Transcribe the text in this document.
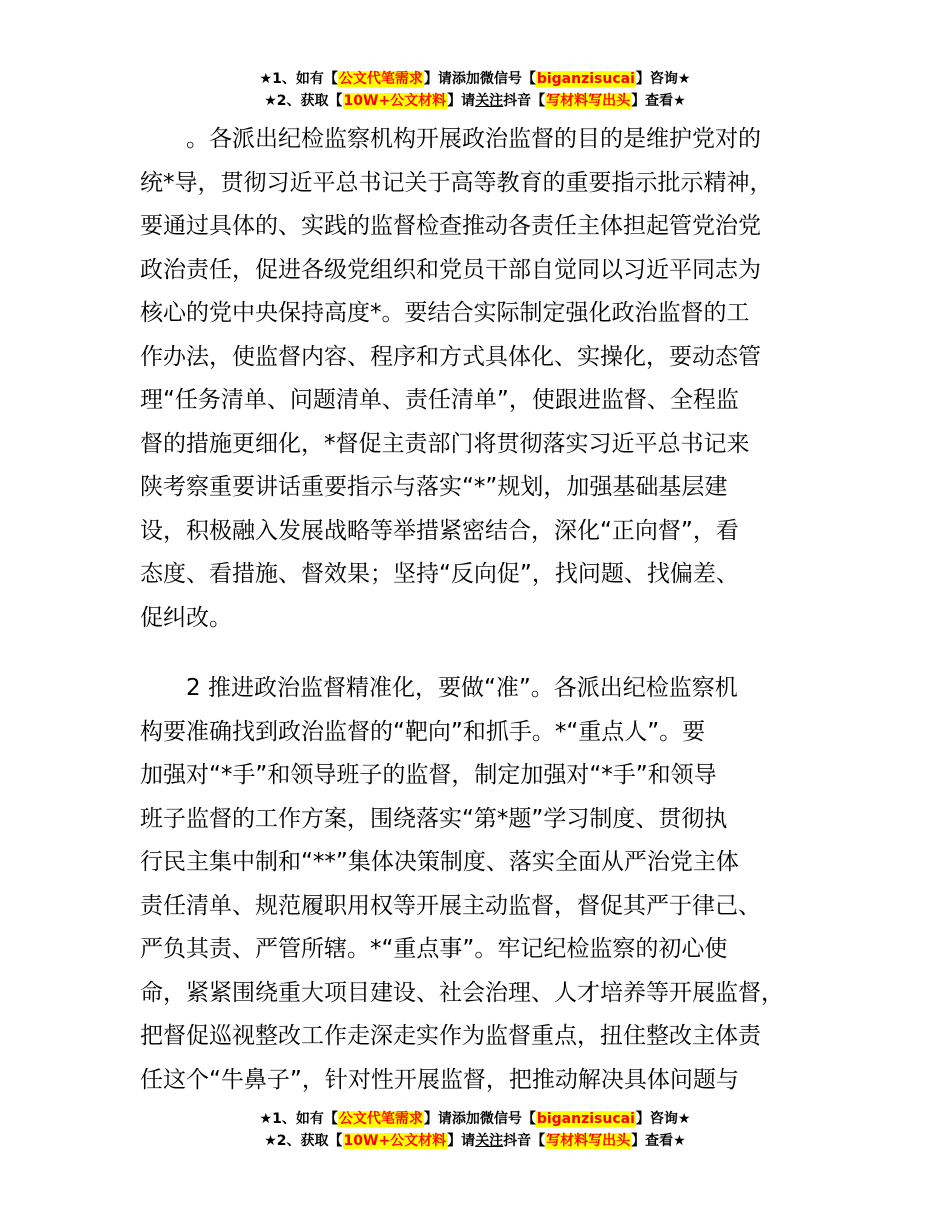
★1、如有【公文代笔需求】请添加微信号【biganzisucai】咨询★
★2、获取【10W+公文材料】请关注抖音【写材料写出头】查看★
。各派出纪检监察机构开展政治监督的目的是维护党对的
统*导，贯彻习近平总书记关于高等教育的重要指示批示精神，
要通过具体的、实践的监督检查推动各责任主体担起管党治党
政治责任，促进各级党组织和党员干部自觉同以习近平同志为
核心的党中央保持高度*。要结合实际制定强化政治监督的工
作办法，使监督内容、程序和方式具体化、实操化，要动态管
理“任务清单、问题清单、责任清单”，使跟进监督、全程监
督的措施更细化，*督促主责部门将贯彻落实习近平总书记来
陕考察重要讲话重要指示与落实“*”规划，加强基础基层建
设，积极融入发展战略等举措紧密结合，深化“正向督”，看
态度、看措施、督效果；坚持“反向促”，找问题、找偏差、
促纠改。
2 推进政治监督精准化，要做“准”。各派出纪检监察机
构要准确找到政治监督的“靶向”和抓手。*“重点人”。要
加强对“*手”和领导班子的监督，制定加强对“*手”和领导
班子监督的工作方案，围绕落实“第*题”学习制度、贯彻执
行民主集中制和“**”集体决策制度、落实全面从严治党主体
责任清单、规范履职用权等开展主动监督，督促其严于律己、
严负其责、严管所辖。*“重点事”。牢记纪检监察的初心使
命，紧紧围绕重大项目建设、社会治理、人才培养等开展监督，
把督促巡视整改工作走深走实作为监督重点，扭住整改主体责
任这个“牛鼻子”，针对性开展监督，把推动解决具体问题与
★1、如有【公文代笔需求】请添加微信号【biganzisucai】咨询★
★2、获取【10W+公文材料】请关注抖音【写材料写出头】查看★
